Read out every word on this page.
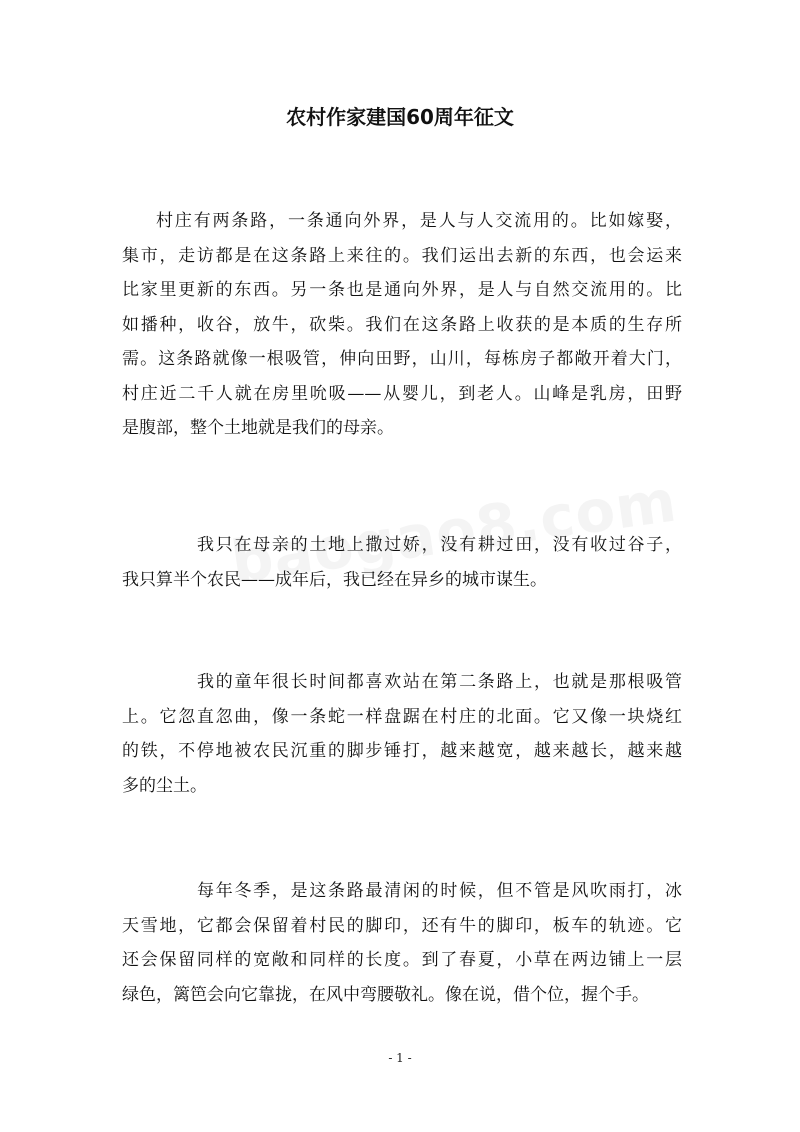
农村作家建国60周年征文
村庄有两条路，一条通向外界，是人与人交流用的。比如嫁娶，
集市，走访都是在这条路上来往的。我们运出去新的东西，也会运来
比家里更新的东西。另一条也是通向外界，是人与自然交流用的。比
如播种，收谷，放牛，砍柴。我们在这条路上收获的是本质的生存所
需。这条路就像一根吸管，伸向田野，山川，每栋房子都敞开着大门，
村庄近二千人就在房里吮吸——从婴儿，到老人。山峰是乳房，田野
是腹部，整个土地就是我们的母亲。
我只在母亲的土地上撒过娇，没有耕过田，没有收过谷子，
我只算半个农民——成年后，我已经在异乡的城市谋生。
我的童年很长时间都喜欢站在第二条路上，也就是那根吸管
上。它忽直忽曲，像一条蛇一样盘踞在村庄的北面。它又像一块烧红
的铁，不停地被农民沉重的脚步锤打，越来越宽，越来越长，越来越
多的尘土。
每年冬季，是这条路最清闲的时候，但不管是风吹雨打，冰
天雪地，它都会保留着村民的脚印，还有牛的脚印，板车的轨迹。它
还会保留同样的宽敞和同样的长度。到了春夏，小草在两边铺上一层
绿色，篱笆会向它靠拢，在风中弯腰敬礼。像在说，借个位，握个手。
- 1 -
